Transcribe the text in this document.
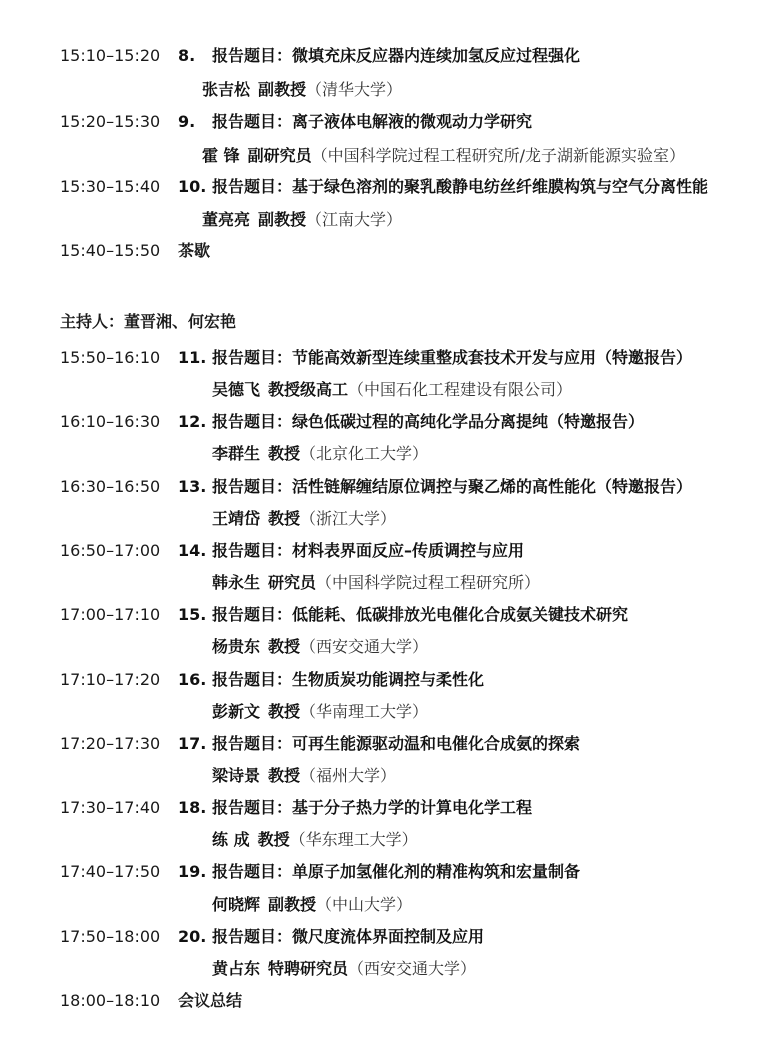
15:10–15:20 8. 报告题目：微填充床反应器内连续加氢反应过程强化
张吉松 副教授（清华大学）
15:20–15:30 9. 报告题目：离子液体电解液的微观动力学研究
霍 锋 副研究员（中国科学院过程工程研究所/龙子湖新能源实验室）
15:30–15:40 10. 报告题目：基于绿色溶剂的聚乳酸静电纺丝纤维膜构筑与空气分离性能
董亮亮 副教授（江南大学）
15:40–15:50 茶歇
主持人：董晋湘、何宏艳
15:50–16:10 11. 报告题目：节能高效新型连续重整成套技术开发与应用（特邀报告）
吴德飞 教授级高工（中国石化工程建设有限公司）
16:10–16:30 12. 报告题目：绿色低碳过程的高纯化学品分离提纯（特邀报告）
李群生 教授（北京化工大学）
16:30–16:50 13. 报告题目：活性链解缠结原位调控与聚乙烯的高性能化（特邀报告）
王靖岱 教授（浙江大学）
16:50–17:00 14. 报告题目：材料表界面反应–传质调控与应用
韩永生 研究员（中国科学院过程工程研究所）
17:00–17:10 15. 报告题目：低能耗、低碳排放光电催化合成氨关键技术研究
杨贵东 教授（西安交通大学）
17:10–17:20 16. 报告题目：生物质炭功能调控与柔性化
彭新文 教授（华南理工大学）
17:20–17:30 17. 报告题目：可再生能源驱动温和电催化合成氨的探索
梁诗景 教授（福州大学）
17:30–17:40 18. 报告题目：基于分子热力学的计算电化学工程
练 成 教授（华东理工大学）
17:40–17:50 19. 报告题目：单原子加氢催化剂的精准构筑和宏量制备
何晓辉 副教授（中山大学）
17:50–18:00 20. 报告题目：微尺度流体界面控制及应用
黄占东 特聘研究员（西安交通大学）
18:00–18:10 会议总结
